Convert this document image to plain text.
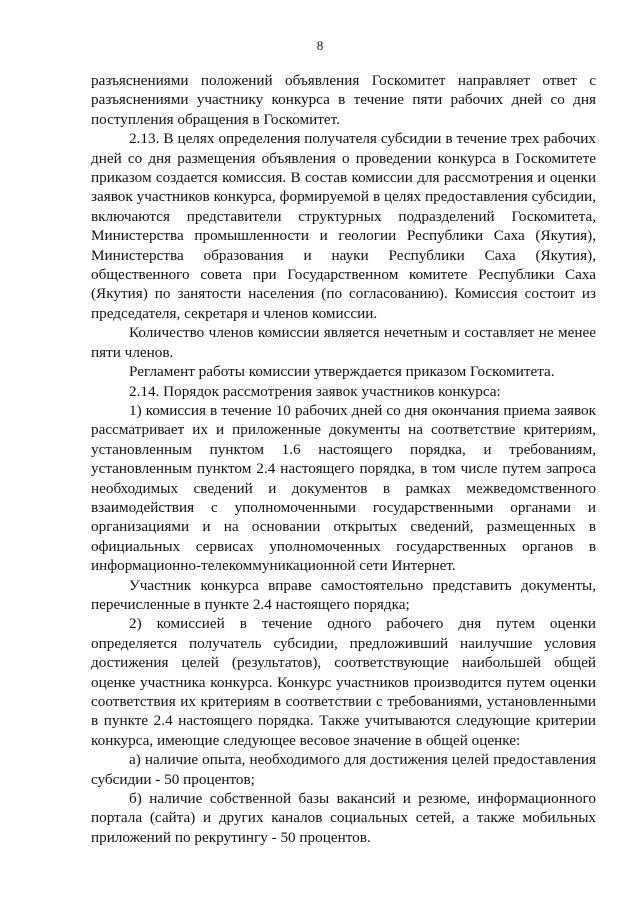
8

разъяснениями положений объявления Госкомитет направляет ответ с разъяснениями участнику конкурса в течение пяти рабочих дней со дня поступления обращения в Госкомитет.

2.13. В целях определения получателя субсидии в течение трех рабочих дней со дня размещения объявления о проведении конкурса в Госкомитете приказом создается комиссия. В состав комиссии для рассмотрения и оценки заявок участников конкурса, формируемой в целях предоставления субсидии, включаются представители структурных подразделений Госкомитета, Министерства промышленности и геологии Республики Саха (Якутия), Министерства образования и науки Республики Саха (Якутия), общественного совета при Государственном комитете Республики Саха (Якутия) по занятости населения (по согласованию). Комиссия состоит из председателя, секретаря и членов комиссии.

Количество членов комиссии является нечетным и составляет не менее пяти членов.

Регламент работы комиссии утверждается приказом Госкомитета.

2.14. Порядок рассмотрения заявок участников конкурса:

1) комиссия в течение 10 рабочих дней со дня окончания приема заявок рассматривает их и приложенные документы на соответствие критериям, установленным пунктом 1.6 настоящего порядка, и требованиям, установленным пунктом 2.4 настоящего порядка, в том числе путем запроса необходимых сведений и документов в рамках межведомственного взаимодействия с уполномоченными государственными органами и организациями и на основании открытых сведений, размещенных в официальных сервисах уполномоченных государственных органов в информационно-телекоммуникационной сети Интернет.

Участник конкурса вправе самостоятельно представить документы, перечисленные в пункте 2.4 настоящего порядка;

2) комиссией в течение одного рабочего дня путем оценки определяется получатель субсидии, предложивший наилучшие условия достижения целей (результатов), соответствующие наибольшей общей оценке участника конкурса. Конкурс участников производится путем оценки соответствия их критериям в соответствии с требованиями, установленными в пункте 2.4 настоящего порядка. Также учитываются следующие критерии конкурса, имеющие следующее весовое значение в общей оценке:

а) наличие опыта, необходимого для достижения целей предоставления субсидии - 50 процентов;

б) наличие собственной базы вакансий и резюме, информационного портала (сайта) и других каналов социальных сетей, а также мобильных приложений по рекрутингу - 50 процентов.
